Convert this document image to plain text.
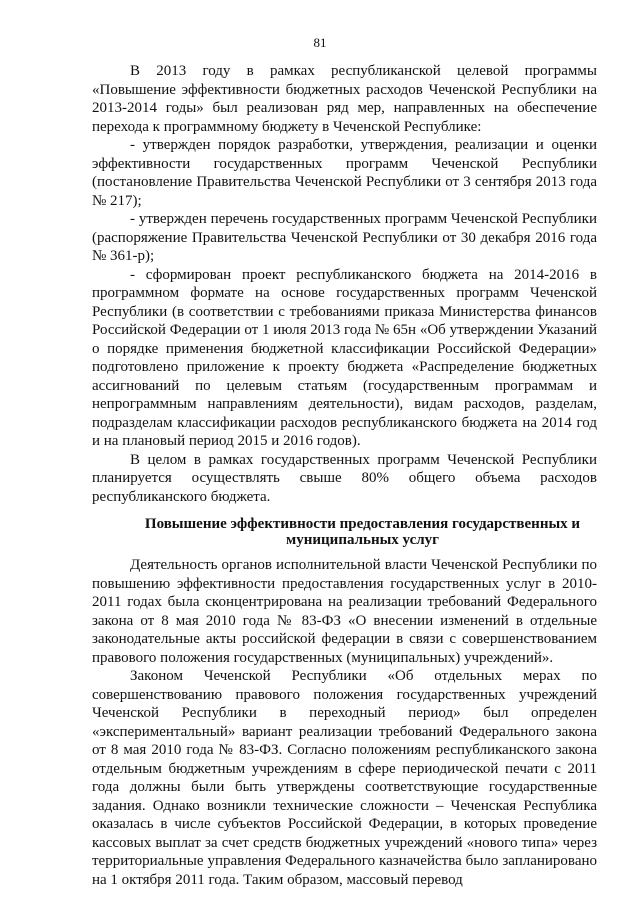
81

В 2013 году в рамках республиканской целевой программы «Повышение эффективности бюджетных расходов Чеченской Республики на 2013-2014 годы» был реализован ряд мер, направленных на обеспечение перехода к программному бюджету в Чеченской Республике:

- утвержден порядок разработки, утверждения, реализации и оценки эффективности государственных программ Чеченской Республики (постановление Правительства Чеченской Республики от 3 сентября 2013 года № 217);

- утвержден перечень государственных программ Чеченской Республики (распоряжение Правительства Чеченской Республики от 30 декабря 2016 года № 361-р);

- сформирован проект республиканского бюджета на 2014-2016 в программном формате на основе государственных программ Чеченской Республики (в соответствии с требованиями приказа Министерства финансов Российской Федерации от 1 июля 2013 года № 65н «Об утверждении Указаний о порядке применения бюджетной классификации Российской Федерации» подготовлено приложение к проекту бюджета «Распределение бюджетных ассигнований по целевым статьям (государственным программам и непрограммным направлениям деятельности), видам расходов, разделам, подразделам классификации расходов республиканского бюджета на 2014 год и на плановый период 2015 и 2016 годов).

В целом в рамках государственных программ Чеченской Республики планируется осуществлять свыше 80% общего объема расходов республиканского бюджета.

Повышение эффективности предоставления государственных и муниципальных услуг

Деятельность органов исполнительной власти Чеченской Республики по повышению эффективности предоставления государственных услуг в 2010-2011 годах была сконцентрирована на реализации требований Федерального закона от 8 мая 2010 года № 83-ФЗ «О внесении изменений в отдельные законодательные акты российской федерации в связи с совершенствованием правового положения государственных (муниципальных) учреждений».

Законом Чеченской Республики «Об отдельных мерах по совершенствованию правового положения государственных учреждений Чеченской Республики в переходный период» был определен «экспериментальный» вариант реализации требований Федерального закона от 8 мая 2010 года № 83-ФЗ. Согласно положениям республиканского закона отдельным бюджетным учреждениям в сфере периодической печати с 2011 года должны были быть утверждены соответствующие государственные задания. Однако возникли технические сложности – Чеченская Республика оказалась в числе субъектов Российской Федерации, в которых проведение кассовых выплат за счет средств бюджетных учреждений «нового типа» через территориальные управления Федерального казначейства было запланировано на 1 октября 2011 года. Таким образом, массовый перевод
